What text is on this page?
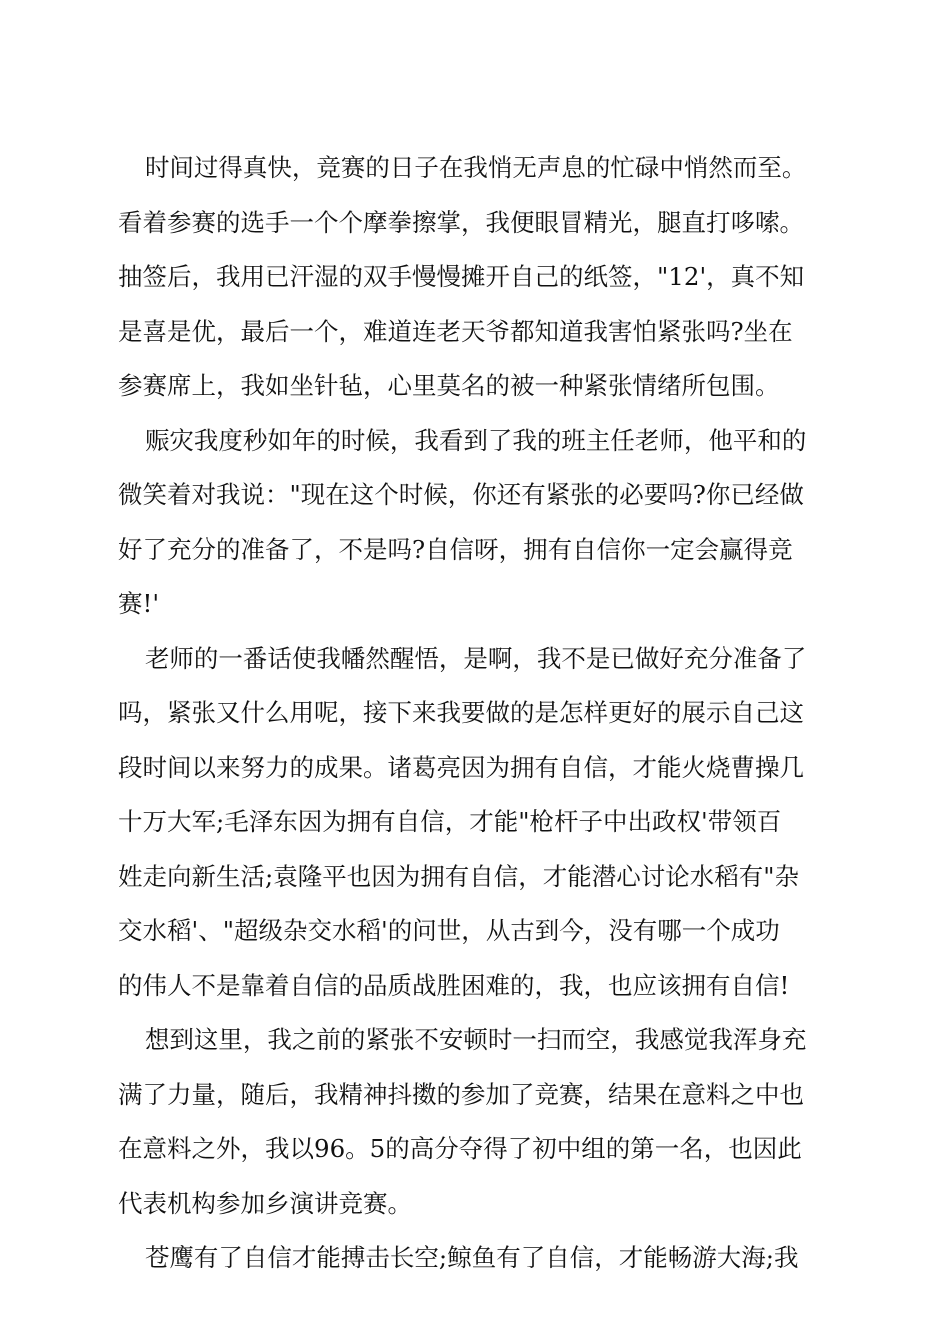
时间过得真快，竞赛的日子在我悄无声息的忙碌中悄然而至。
看着参赛的选手一个个摩拳擦掌，我便眼冒精光，腿直打哆嗦。
抽签后，我用已汗湿的双手慢慢摊开自己的纸签，"12'，真不知
是喜是优，最后一个，难道连老天爷都知道我害怕紧张吗?坐在
参赛席上，我如坐针毡，心里莫名的被一种紧张情绪所包围。

赈灾我度秒如年的时候，我看到了我的班主任老师，他平和的
微笑着对我说："现在这个时候，你还有紧张的必要吗?你已经做
好了充分的准备了，不是吗?自信呀，拥有自信你一定会赢得竞
赛!'

老师的一番话使我幡然醒悟，是啊，我不是已做好充分准备了
吗，紧张又什么用呢，接下来我要做的是怎样更好的展示自己这
段时间以来努力的成果。诸葛亮因为拥有自信，才能火烧曹操几
十万大军;毛泽东因为拥有自信，才能"枪杆子中出政权'带领百
姓走向新生活;袁隆平也因为拥有自信，才能潜心讨论水稻有"杂
交水稻'、"超级杂交水稻'的问世，从古到今，没有哪一个成功
的伟人不是靠着自信的品质战胜困难的，我，也应该拥有自信!

想到这里，我之前的紧张不安顿时一扫而空，我感觉我浑身充
满了力量，随后，我精神抖擞的参加了竞赛，结果在意料之中也
在意料之外，我以96。5的高分夺得了初中组的第一名，也因此
代表机构参加乡演讲竞赛。

苍鹰有了自信才能搏击长空;鲸鱼有了自信，才能畅游大海;我
